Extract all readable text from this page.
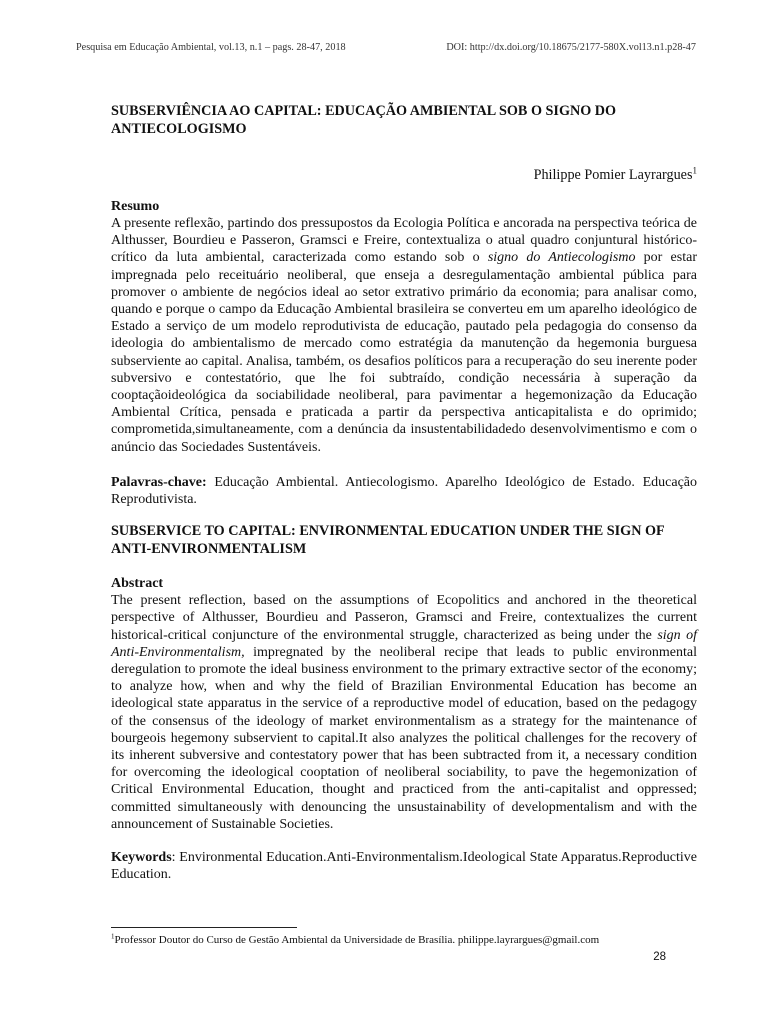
Pesquisa em Educação Ambiental, vol.13, n.1 – pags. 28-47, 2018	DOI: http://dx.doi.org/10.18675/2177-580X.vol13.n1.p28-47
SUBSERVIÊNCIA AO CAPITAL: EDUCAÇÃO AMBIENTAL SOB O SIGNO DO ANTIECOLOGISMO
Philippe Pomier Layrargues$^1$
Resumo

A presente reflexão, partindo dos pressupostos da Ecologia Política e ancorada na perspectiva teórica de Althusser, Bourdieu e Passeron, Gramsci e Freire, contextualiza o atual quadro conjuntural histórico-crítico da luta ambiental, caracterizada como estando sob o signo do Antiecologismo por estar impregnada pelo receituário neoliberal, que enseja a desregulamentação ambiental pública para promover o ambiente de negócios ideal ao setor extrativo primário da economia; para analisar como, quando e porque o campo da Educação Ambiental brasileira se converteu em um aparelho ideológico de Estado a serviço de um modelo reprodutivista de educação, pautado pela pedagogia do consenso da ideologia do ambientalismo de mercado como estratégia da manutenção da hegemonia burguesa subserviente ao capital. Analisa, também, os desafios políticos para a recuperação do seu inerente poder subversivo e contestatório, que lhe foi subtraído, condição necessária à superação da cooptaçãoideológica da sociabilidade neoliberal, para pavimentar a hegemonização da Educação Ambiental Crítica, pensada e praticada a partir da perspectiva anticapitalista e do oprimido; comprometida,simultaneamente, com a denúncia da insustentabilidadedo desenvolvimentismo e com o anúncio das Sociedades Sustentáveis.

Palavras-chave: Educação Ambiental. Antiecologismo. Aparelho Ideológico de Estado. Educação Reprodutivista.
SUBSERVICE TO CAPITAL: ENVIRONMENTAL EDUCATION UNDER THE SIGN OF ANTI-ENVIRONMENTALISM
Abstract

The present reflection, based on the assumptions of Ecopolitics and anchored in the theoretical perspective of Althusser, Bourdieu and Passeron, Gramsci and Freire, contextualizes the current historical-critical conjuncture of the environmental struggle, characterized as being under the sign of Anti-Environmentalism, impregnated by the neoliberal recipe that leads to public environmental deregulation to promote the ideal business environment to the primary extractive sector of the economy; to analyze how, when and why the field of Brazilian Environmental Education has become an ideological state apparatus in the service of a reproductive model of education, based on the pedagogy of the consensus of the ideology of market environmentalism as a strategy for the maintenance of bourgeois hegemony subservient to capital.It also analyzes the political challenges for the recovery of its inherent subversive and contestatory power that has been subtracted from it, a necessary condition for overcoming the ideological cooptation of neoliberal sociability, to pave the hegemonization of Critical Environmental Education, thought and practiced from the anti-capitalist and oppressed; committed simultaneously with denouncing the unsustainability of developmentalism and with the announcement of Sustainable Societies.

Keywords: Environmental Education.Anti-Environmentalism.Ideological State Apparatus.Reproductive Education.
$^1$Professor Doutor do Curso de Gestão Ambiental da Universidade de Brasília. philippe.layrargues@gmail.com
28
